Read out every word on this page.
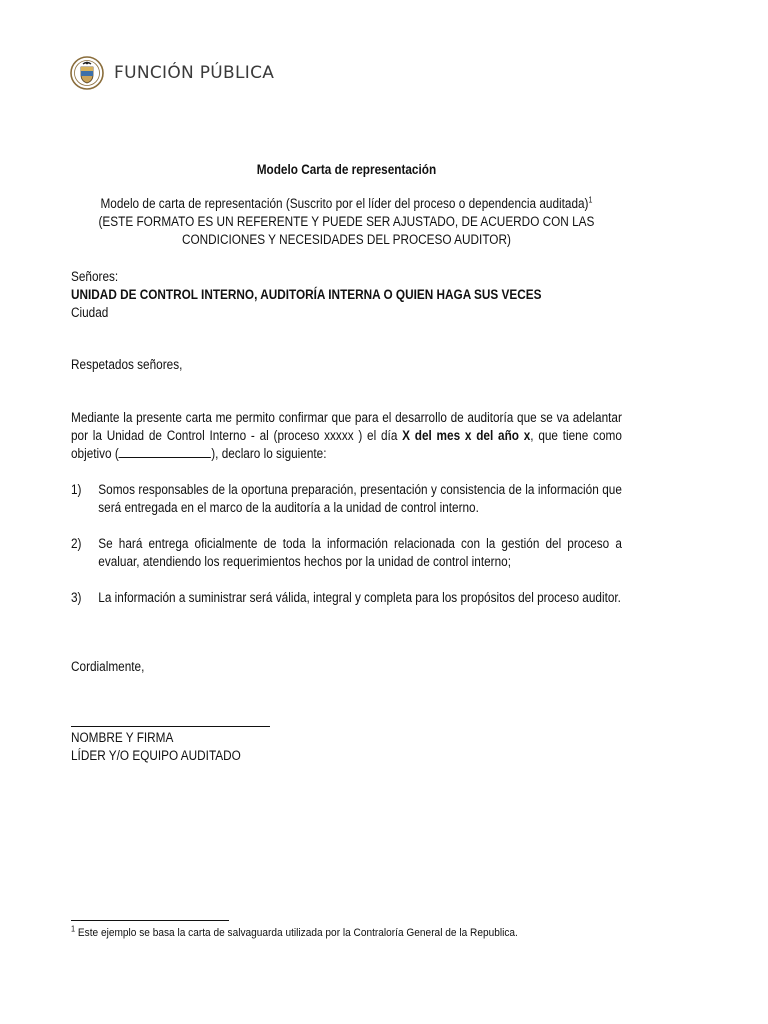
FUNCIÓN PÚBLICA
Modelo Carta de representación
Modelo de carta de representación (Suscrito por el líder del proceso o dependencia auditada)$^1$
(ESTE FORMATO ES UN REFERENTE Y PUEDE SER AJUSTADO, DE ACUERDO CON LAS CONDICIONES Y NECESIDADES DEL PROCESO AUDITOR)
Señores:
UNIDAD DE CONTROL INTERNO, AUDITORÍA INTERNA O QUIEN HAGA SUS VECES
Ciudad
Respetados señores,
Mediante la presente carta me permito confirmar que para el desarrollo de auditoría que se va adelantar por la Unidad de Control Interno - al (proceso xxxxx ) el día X del mes x del año x, que tiene como objetivo (	), declaro lo siguiente:
1)	Somos responsables de la oportuna preparación, presentación y consistencia de la información que será entregada en el marco de la auditoría a la unidad de control interno.
2)	Se hará entrega oficialmente de toda la información relacionada con la gestión del proceso a evaluar, atendiendo los requerimientos hechos por la unidad de control interno;
3)	La información a suministrar será válida, integral y completa para los propósitos del proceso auditor.
Cordialmente,
NOMBRE Y FIRMA
LÍDER Y/O EQUIPO AUDITADO
$^1$ Este ejemplo se basa la carta de salvaguarda utilizada por la Contraloría General de la Republica.
